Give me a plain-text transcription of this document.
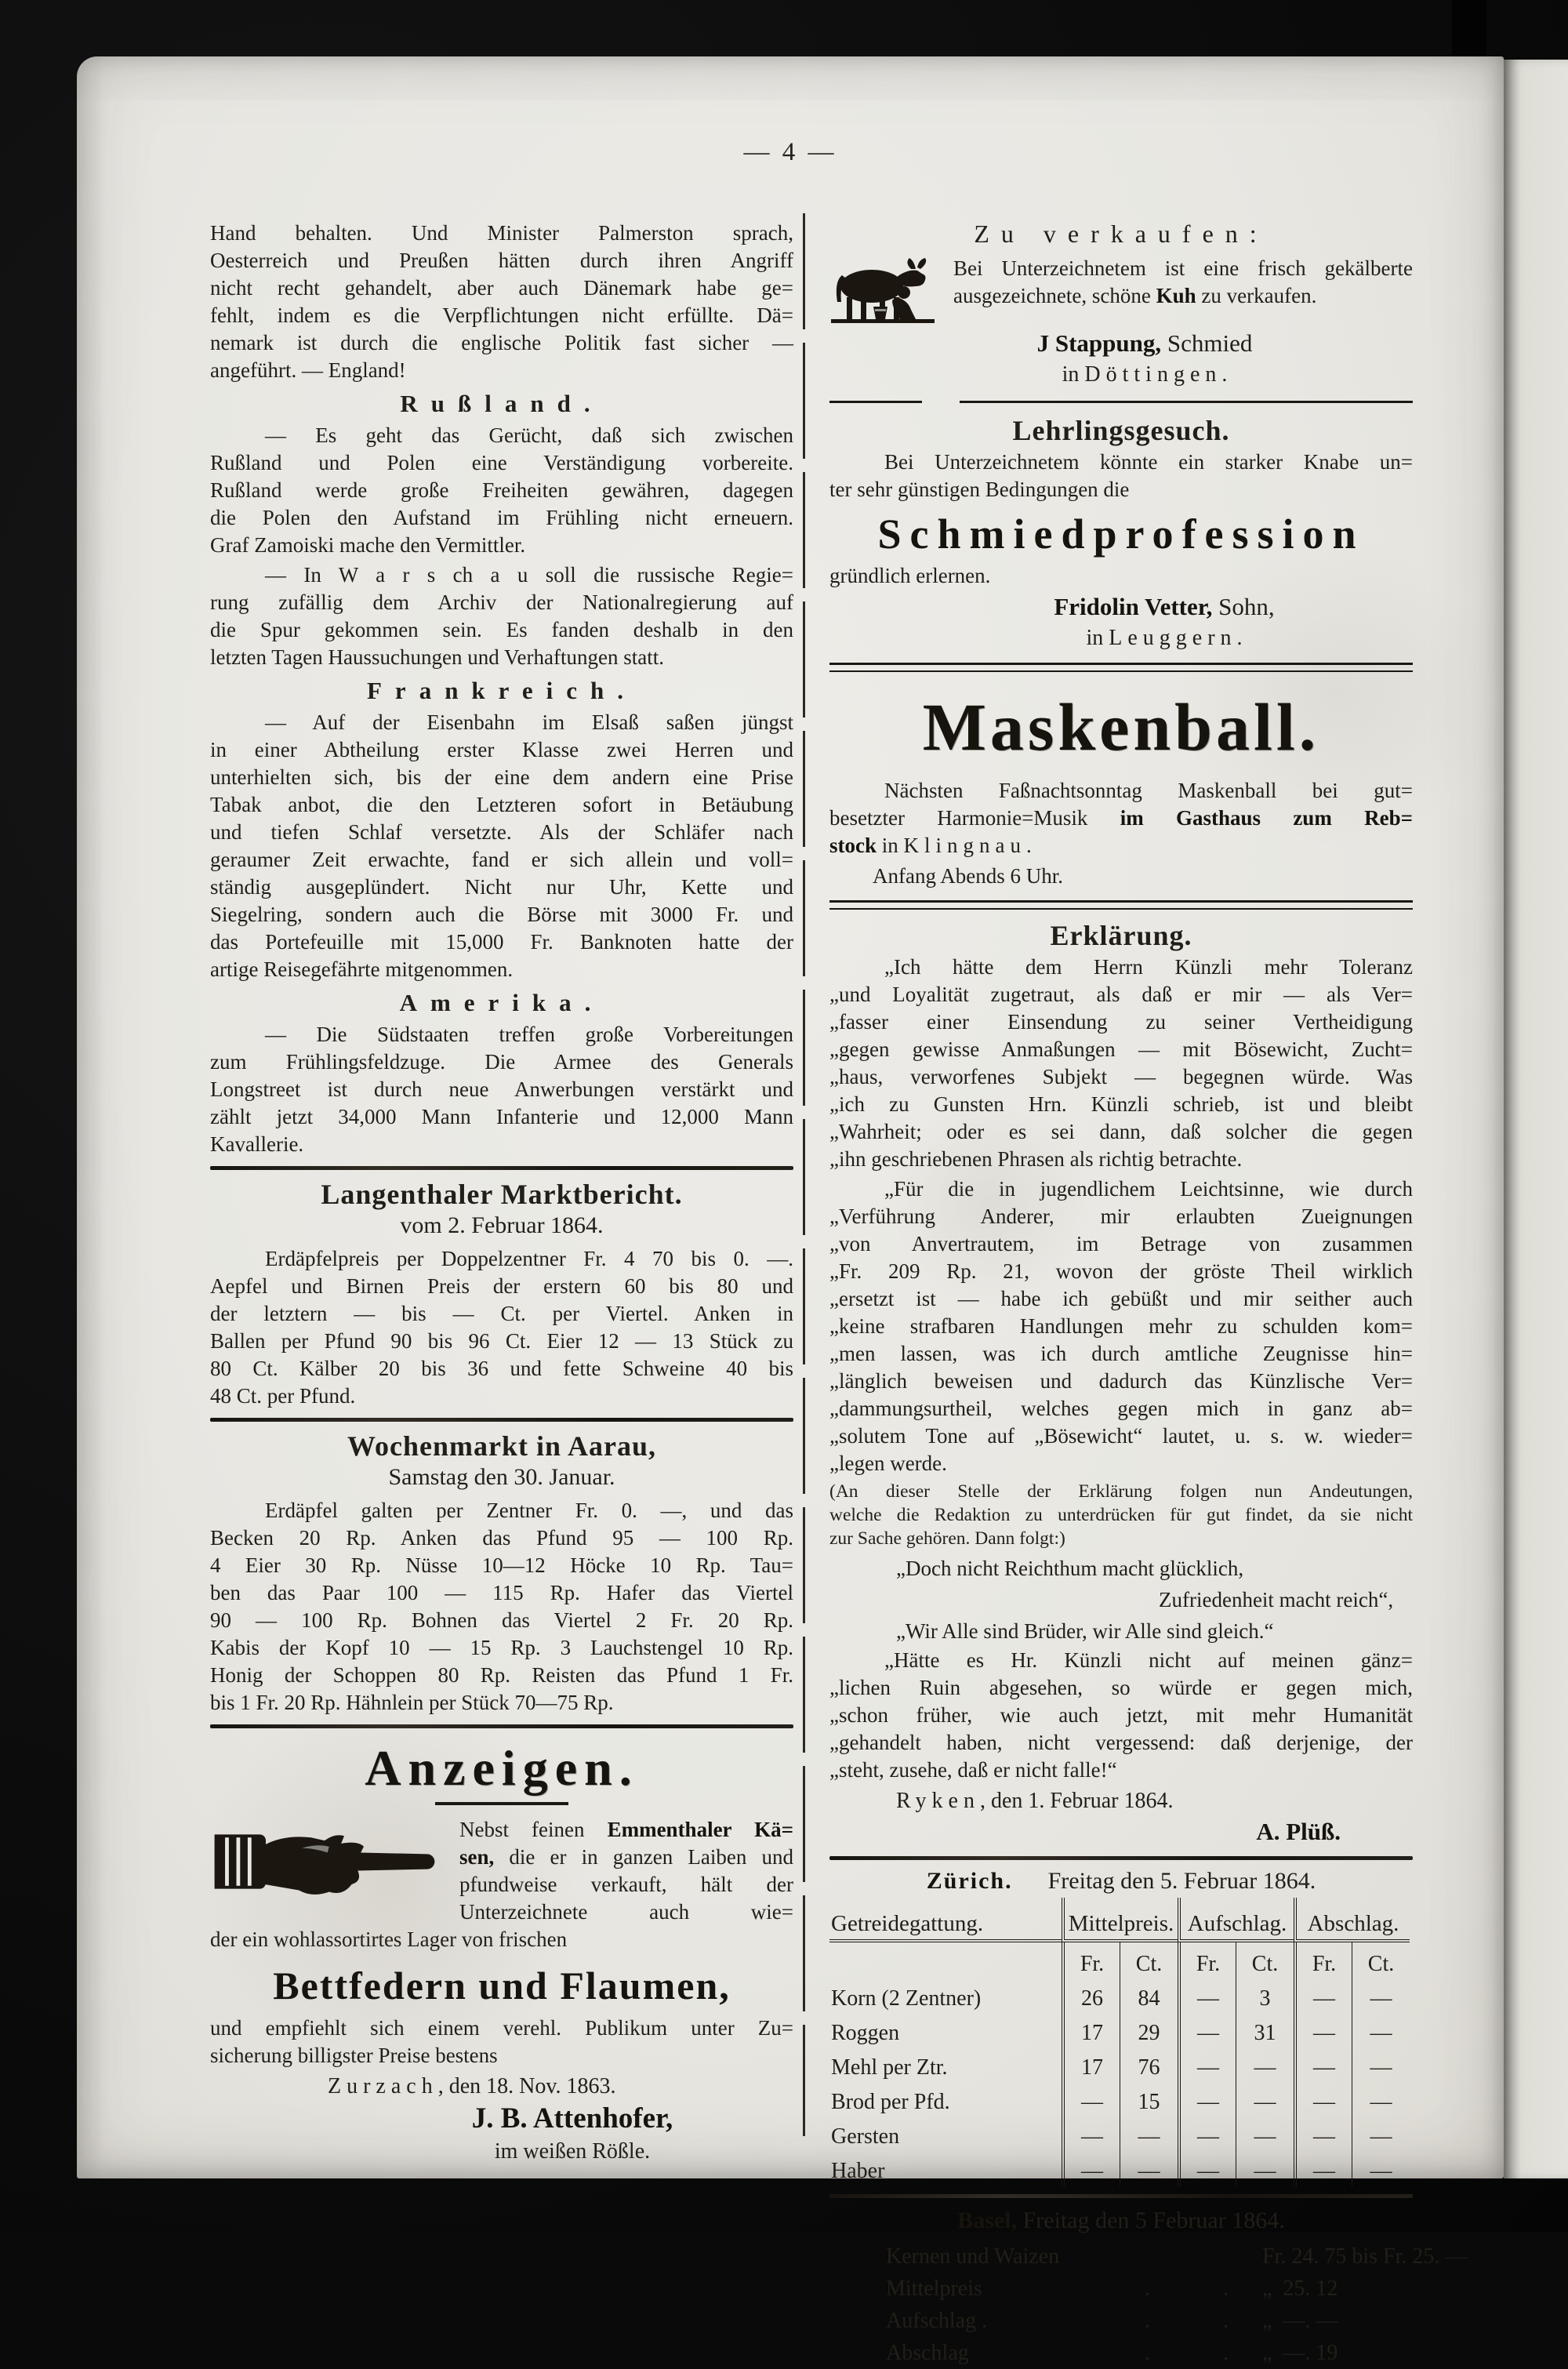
— 4 —
Hand behalten. Und Minister Palmerston sprach,
Oesterreich und Preußen hätten durch ihren Angriff
nicht recht gehandelt, aber auch Dänemark habe ge=
fehlt, indem es die Verpflichtungen nicht erfüllte. Dä=
nemark ist durch die englische Politik fast sicher —
angeführt. — England!
Rußland.
— Es geht das Gerücht, daß sich zwischen
Rußland und Polen eine Verständigung vorbereite.
Rußland werde große Freiheiten gewähren, dagegen
die Polen den Aufstand im Frühling nicht erneuern.
Graf Zamoiski mache den Vermittler.
— In W a r s ch a u soll die russische Regie=
rung zufällig dem Archiv der Nationalregierung auf
die Spur gekommen sein. Es fanden deshalb in den
letzten Tagen Haussuchungen und Verhaftungen statt.
Frankreich.
— Auf der Eisenbahn im Elsaß saßen jüngst
in einer Abtheilung erster Klasse zwei Herren und
unterhielten sich, bis der eine dem andern eine Prise
Tabak anbot, die den Letzteren sofort in Betäubung
und tiefen Schlaf versetzte. Als der Schläfer nach
geraumer Zeit erwachte, fand er sich allein und voll=
ständig ausgeplündert. Nicht nur Uhr, Kette und
Siegelring, sondern auch die Börse mit 3000 Fr. und
das Portefeuille mit 15,000 Fr. Banknoten hatte der
artige Reisegefährte mitgenommen.
Amerika.
— Die Südstaaten treffen große Vorbereitungen
zum Frühlingsfeldzuge. Die Armee des Generals
Longstreet ist durch neue Anwerbungen verstärkt und
zählt jetzt 34,000 Mann Infanterie und 12,000 Mann
Kavallerie.
Langenthaler Marktbericht.
vom 2. Februar 1864.
Erdäpfelpreis per Doppelzentner Fr. 4 70 bis 0. —.
Aepfel und Birnen Preis der erstern 60 bis 80 und
der letztern — bis — Ct. per Viertel. Anken in
Ballen per Pfund 90 bis 96 Ct. Eier 12 — 13 Stück zu
80 Ct. Kälber 20 bis 36 und fette Schweine 40 bis
48 Ct. per Pfund.
Wochenmarkt in Aarau,
Samstag den 30. Januar.
Erdäpfel galten per Zentner Fr. 0. —, und das
Becken 20 Rp. Anken das Pfund 95 — 100 Rp.
4 Eier 30 Rp. Nüsse 10—12 Höcke 10 Rp. Tau=
ben das Paar 100 — 115 Rp. Hafer das Viertel
90 — 100 Rp. Bohnen das Viertel 2 Fr. 20 Rp.
Kabis der Kopf 10 — 15 Rp. 3 Lauchstengel 10 Rp.
Honig der Schoppen 80 Rp. Reisten das Pfund 1 Fr.
bis 1 Fr. 20 Rp. Hähnlein per Stück 70—75 Rp.
Anzeigen.
Nebst feinen Emmenthaler Kä=
sen, die er in ganzen Laiben und
pfundweise verkauft, hält der Unterzeichnete auch wie=
der ein wohlassortirtes Lager von frischen
Bettfedern und Flaumen,
und empfiehlt sich einem verehl. Publikum unter Zu=
sicherung billigster Preise bestens
Zurzach, den 18. Nov. 1863.
J. B. Attenhofer,
im weißen Rößle.
Zu verkaufen:
Bei Unterzeichnetem ist eine frisch gekälberte
ausgezeichnete, schöne Kuh zu verkaufen.
J Stappung, Schmied
in Döttingen.
Lehrlingsgesuch.
Bei Unterzeichnetem könnte ein starker Knabe un=
ter sehr günstigen Bedingungen die
Schmiedprofession
gründlich erlernen.
Fridolin Vetter, Sohn,
in Leuggern.
Maskenball.
Nächsten Faßnachtsonntag Maskenball bei gut=
besetzter Harmonie=Musik im Gasthaus zum Reb=
stock in Klingnau.
Anfang Abends 6 Uhr.
Erklärung.
„Ich hätte dem Herrn Künzli mehr Toleranz
„und Loyalität zugetraut, als daß er mir — als Ver=
„fasser einer Einsendung zu seiner Vertheidigung
„gegen gewisse Anmaßungen — mit Bösewicht, Zucht=
„haus, verworfenes Subjekt — begegnen würde. Was
„ich zu Gunsten Hrn. Künzli schrieb, ist und bleibt
„Wahrheit; oder es sei dann, daß solcher die gegen
„ihn geschriebenen Phrasen als richtig betrachte.
„Für die in jugendlichem Leichtsinne, wie durch
„Verführung Anderer, mir erlaubten Zueignungen
„von Anvertrautem, im Betrage von zusammen
„Fr. 209 Rp. 21, wovon der gröste Theil wirklich
„ersetzt ist — habe ich gebüßt und mir seither auch
„keine strafbaren Handlungen mehr zu schulden kom=
„men lassen, was ich durch amtliche Zeugnisse hin=
„länglich beweisen und dadurch das Künzlische Ver=
„dammungsurtheil, welches gegen mich in ganz ab=
„solutem Tone auf „Bösewicht“ lautet, u. s. w. wieder=
„legen werde.
(An dieser Stelle der Erklärung folgen nun Andeutungen,
welche die Redaktion zu unterdrücken für gut findet, da sie nicht
zur Sache gehören. Dann folgt:)
„Doch nicht Reichthum macht glücklich,
Zufriedenheit macht reich“,
„Wir Alle sind Brüder, wir Alle sind gleich.“
„Hätte es Hr. Künzli nicht auf meinen gänz=
„lichen Ruin abgesehen, so würde er gegen mich,
„schon früher, wie auch jetzt, mit mehr Humanität
„gehandelt haben, nicht vergessend: daß derjenige, der
„steht, zusehe, daß er nicht falle!“
Ryken, den 1. Februar 1864.
A. Plüß.
Zürich.   Freitag den 5. Februar 1864.
Getreidegattung.	Mittelpreis. Aufschlag. Abschlag.
Fr.	Ct.	Fr.	Ct.	Fr.	Ct.
Korn (2 Zentner)	26	84	—	3	—	—
Roggen	17	29	—	31	—	—
Mehl per Ztr.	17	76	—	—	—	—
Brod per Pfd.	—	15	—	—	—	—
Gersten	—	—	—	—	—	—
Haber	—	—	—	—	—	—
Basel, Freitag den 5 Februar 1864.
Kernen und Waizen	Fr. 24. 75 bis Fr. 25. —
Mittelpreis	.   . „  25. 12
Aufschlag .	.   . „  —. —
Abschlag	.   . „  —. 19
